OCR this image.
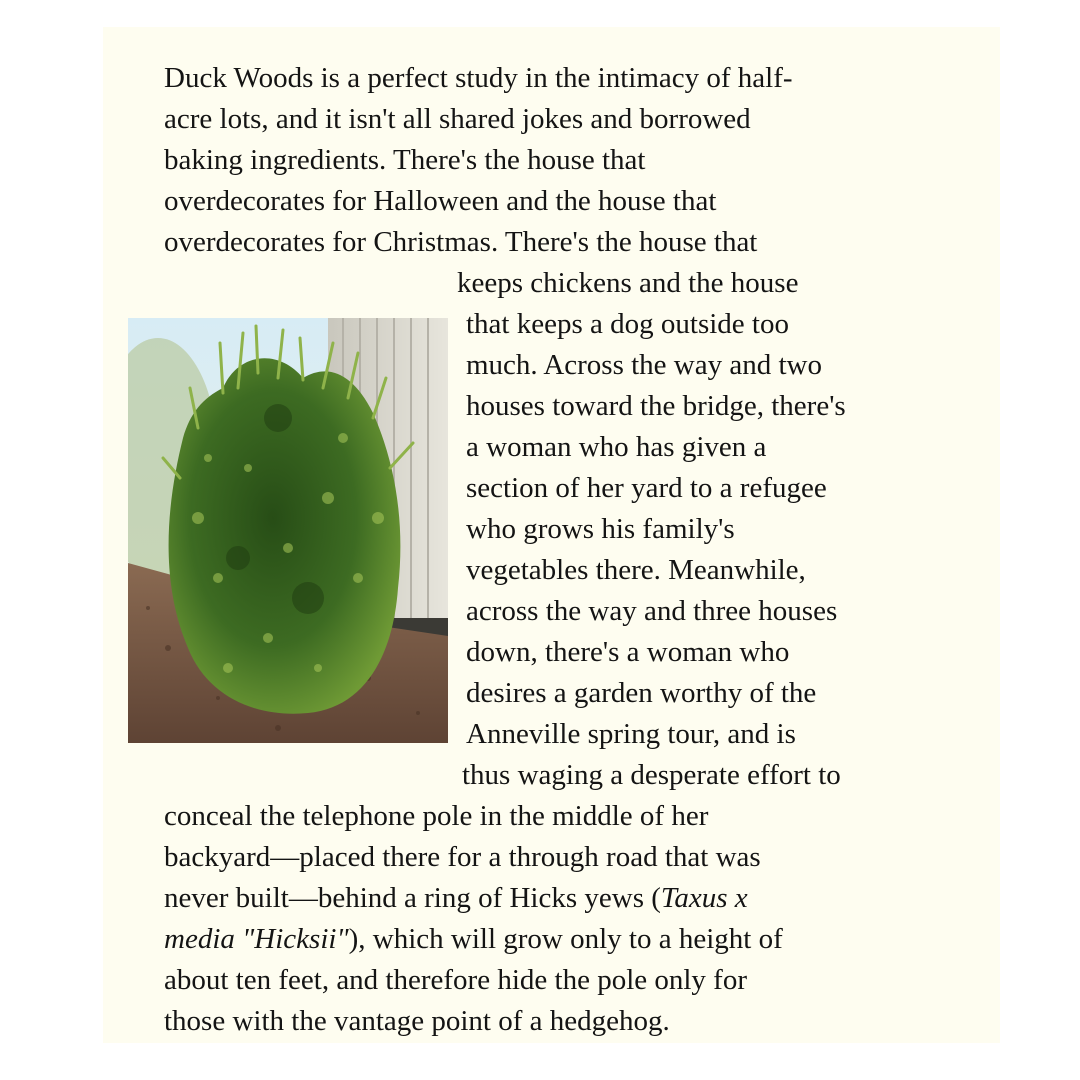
Duck Woods is a perfect study in the intimacy of half-

acre lots, and it isn't all shared jokes and borrowed

baking ingredients. There's the house that

overdecorates for Halloween and the house that

overdecorates for Christmas. There's the house that

keeps chickens and the house

that keeps a dog outside too

much. Across the way and two

houses toward the bridge, there's

a woman who has given a

section of her yard to a refugee

who grows his family's

vegetables there. Meanwhile,

across the way and three houses

down, there's a woman who

desires a garden worthy of the

Anneville spring tour, and is

thus waging a desperate effort to

conceal the telephone pole in the middle of her

backyard—placed there for a through road that was

never built—behind a ring of Hicks yews (Taxus x

media "Hicksii"), which will grow only to a height of

about ten feet, and therefore hide the pole only for

those with the vantage point of a hedgehog.
